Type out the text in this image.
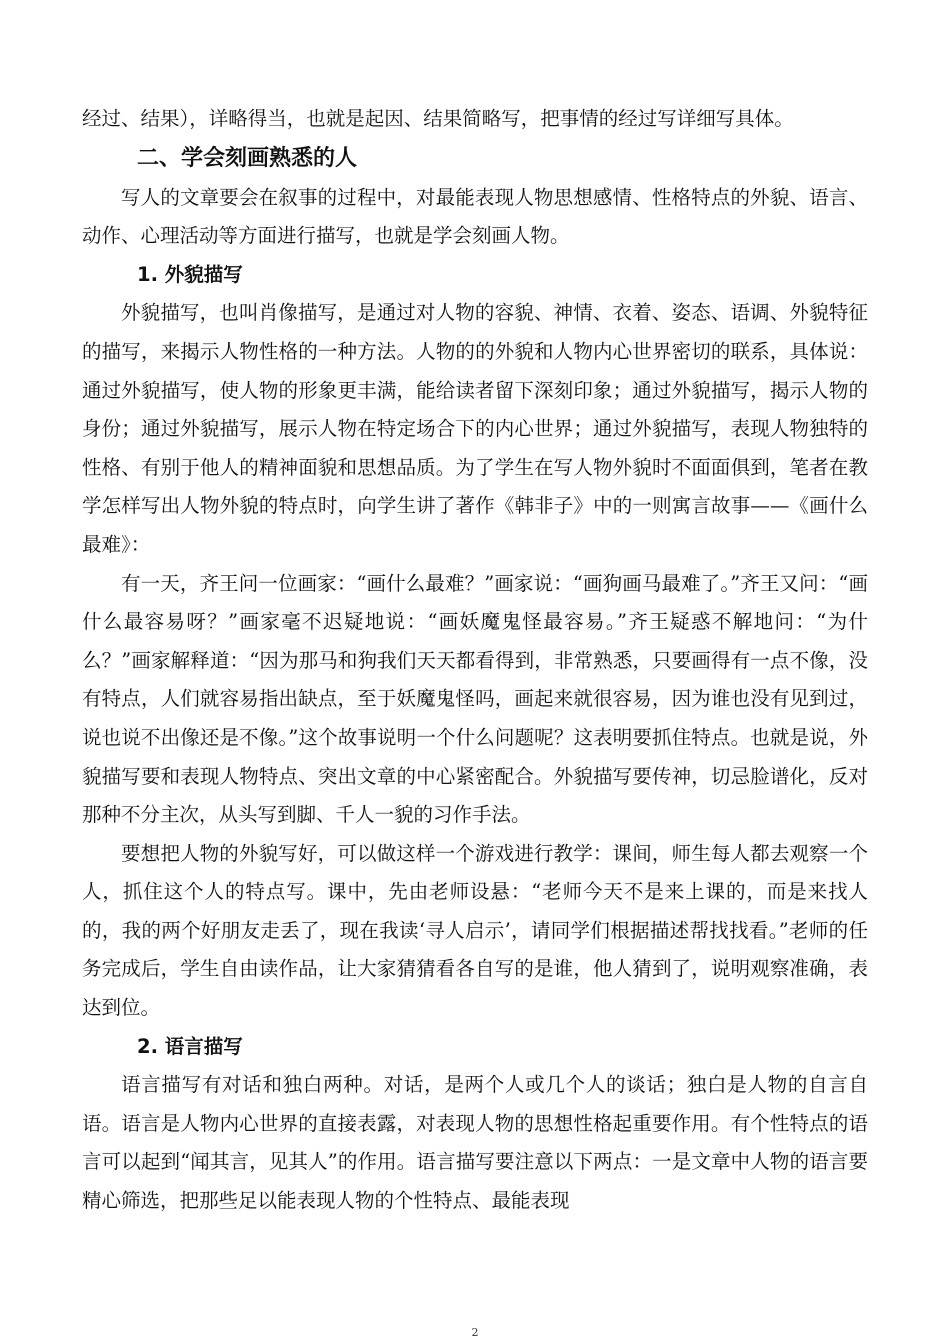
经过、结果），详略得当，也就是起因、结果简略写，把事情的经过写详细写具体。

二、学会刻画熟悉的人

写人的文章要会在叙事的过程中，对最能表现人物思想感情、性格特点的外貌、语言、动作、心理活动等方面进行描写，也就是学会刻画人物。

1. 外貌描写

外貌描写，也叫肖像描写，是通过对人物的容貌、神情、衣着、姿态、语调、外貌特征的描写，来揭示人物性格的一种方法。人物的的外貌和人物内心世界密切的联系，具体说：通过外貌描写，使人物的形象更丰满，能给读者留下深刻印象；通过外貌描写，揭示人物的身份；通过外貌描写，展示人物在特定场合下的内心世界；通过外貌描写，表现人物独特的性格、有别于他人的精神面貌和思想品质。为了学生在写人物外貌时不面面俱到，笔者在教学怎样写出人物外貌的特点时，向学生讲了著作《韩非子》中的一则寓言故事——《画什么最难》：

有一天，齐王问一位画家：“画什么最难？”画家说：“画狗画马最难了。”齐王又问：“画什么最容易呀？”画家毫不迟疑地说：“画妖魔鬼怪最容易。”齐王疑惑不解地问：“为什么？”画家解释道：“因为那马和狗我们天天都看得到，非常熟悉，只要画得有一点不像，没有特点，人们就容易指出缺点，至于妖魔鬼怪吗，画起来就很容易，因为谁也没有见到过，说也说不出像还是不像。”这个故事说明一个什么问题呢？这表明要抓住特点。也就是说，外貌描写要和表现人物特点、突出文章的中心紧密配合。外貌描写要传神，切忌脸谱化，反对那种不分主次，从头写到脚、千人一貌的习作手法。

要想把人物的外貌写好，可以做这样一个游戏进行教学：课间，师生每人都去观察一个人，抓住这个人的特点写。课中，先由老师设悬：“老师今天不是来上课的，而是来找人的，我的两个好朋友走丢了，现在我读‘寻人启示’，请同学们根据描述帮找找看。”老师的任务完成后，学生自由读作品，让大家猜猜看各自写的是谁，他人猜到了，说明观察准确，表达到位。

2. 语言描写

语言描写有对话和独白两种。对话，是两个人或几个人的谈话；独白是人物的自言自语。语言是人物内心世界的直接表露，对表现人物的思想性格起重要作用。有个性特点的语言可以起到“闻其言，见其人”的作用。语言描写要注意以下两点：一是文章中人物的语言要精心筛选，把那些足以能表现人物的个性特点、最能表现

2
